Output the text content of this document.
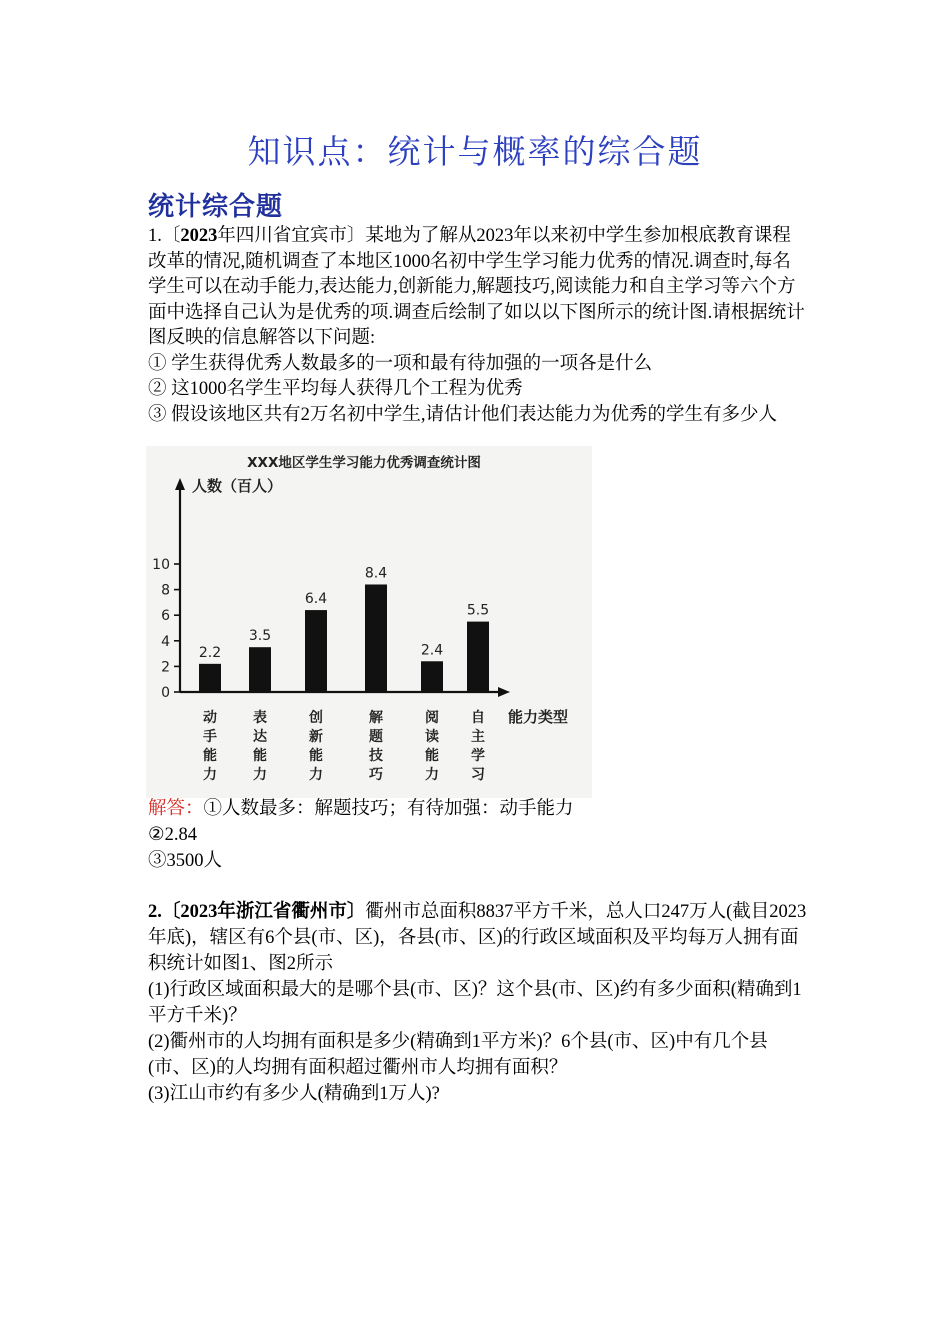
知识点：统计与概率的综合题
统计综合题

1.〔2023年四川省宜宾市〕某地为了解从2023年以来初中学生参加根底教育课程改革的情况,随机调查了本地区1000名初中学生学习能力优秀的情况.调查时,每名学生可以在动手能力,表达能力,创新能力,解题技巧,阅读能力和自主学习等六个方面中选择自己认为是优秀的项.调查后绘制了如以以下图所示的统计图.请根据统计图反映的信息解答以下问题:

① 学生获得优秀人数最多的一项和最有待加强的一项各是什么

② 这1000名学生平均每人获得几个工程为优秀

③ 假设该地区共有2万名初中学生,请估计他们表达能力为优秀的学生有多少人

XXX地区学生学习能力优秀调查统计图
人数（百人）
能力类型
0
2
4
6
8
10
2.2
动
手
能
力
3.5
表
达
能
力
6.4
创
新
能
力
8.4
解
题
技
巧
2.4
阅
读
能
力
5.5
自
主
学
习

解答：①人数最多：解题技巧；有待加强：动手能力

②2.84

③3500人

2.〔2023年浙江省衢州市〕衢州市总面积8837平方千米，总人口247万人(截目2023年底)，辖区有6个县(市、区)，各县(市、区)的行政区域面积及平均每万人拥有面积统计如图1、图2所示

(1)行政区域面积最大的是哪个县(市、区)？这个县(市、区)约有多少面积(精确到1平方千米)？

(2)衢州市的人均拥有面积是多少(精确到1平方米)？6个县(市、区)中有几个县(市、区)的人均拥有面积超过衢州市人均拥有面积？

(3)江山市约有多少人(精确到1万人)?
